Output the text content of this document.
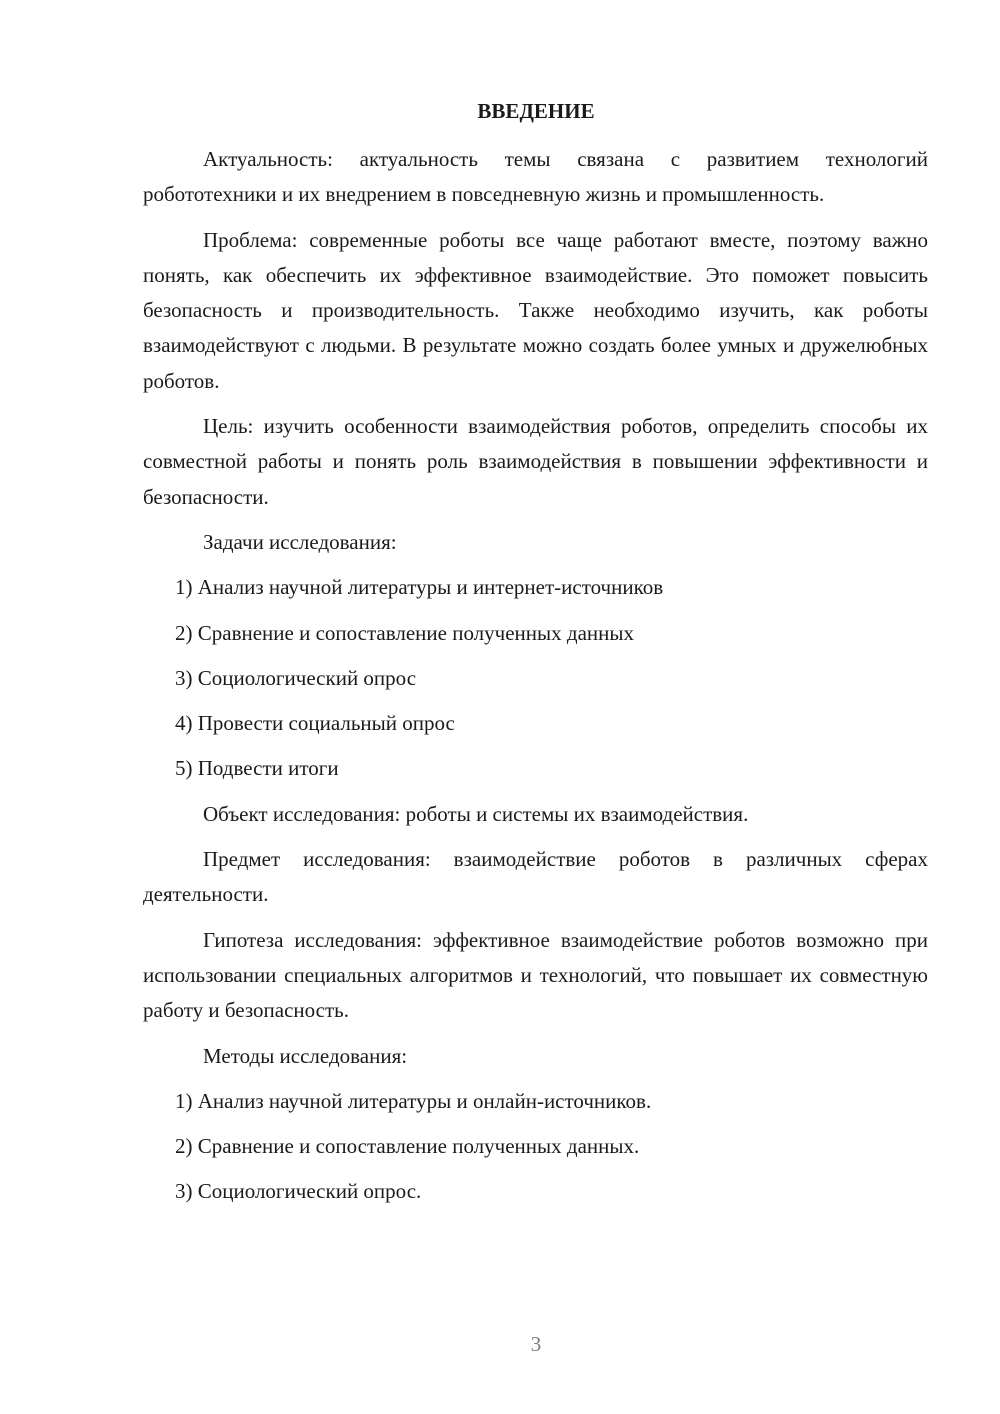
ВВЕДЕНИЕ

Актуальность: актуальность темы связана с развитием технологий робототехники и их внедрением в повседневную жизнь и промышленность.

Проблема: современные роботы все чаще работают вместе, поэтому важно понять, как обеспечить их эффективное взаимодействие. Это поможет повысить безопасность и производительность. Также необходимо изучить, как роботы взаимодействуют с людьми. В результате можно создать более умных и дружелюбных роботов.

Цель: изучить особенности взаимодействия роботов, определить способы их совместной работы и понять роль взаимодействия в повышении эффективности и безопасности.

Задачи исследования:

1) Анализ научной литературы и интернет-источников

2) Сравнение и сопоставление полученных данных

3) Социологический опрос

4) Провести социальный опрос

5) Подвести итоги

Объект исследования: роботы и системы их взаимодействия.

Предмет исследования: взаимодействие роботов в различных сферах деятельности.

Гипотеза исследования: эффективное взаимодействие роботов возможно при использовании специальных алгоритмов и технологий, что повышает их совместную работу и безопасность.

Методы исследования:

1) Анализ научной литературы и онлайн-источников.

2) Сравнение и сопоставление полученных данных.

3) Социологический опрос.

3
